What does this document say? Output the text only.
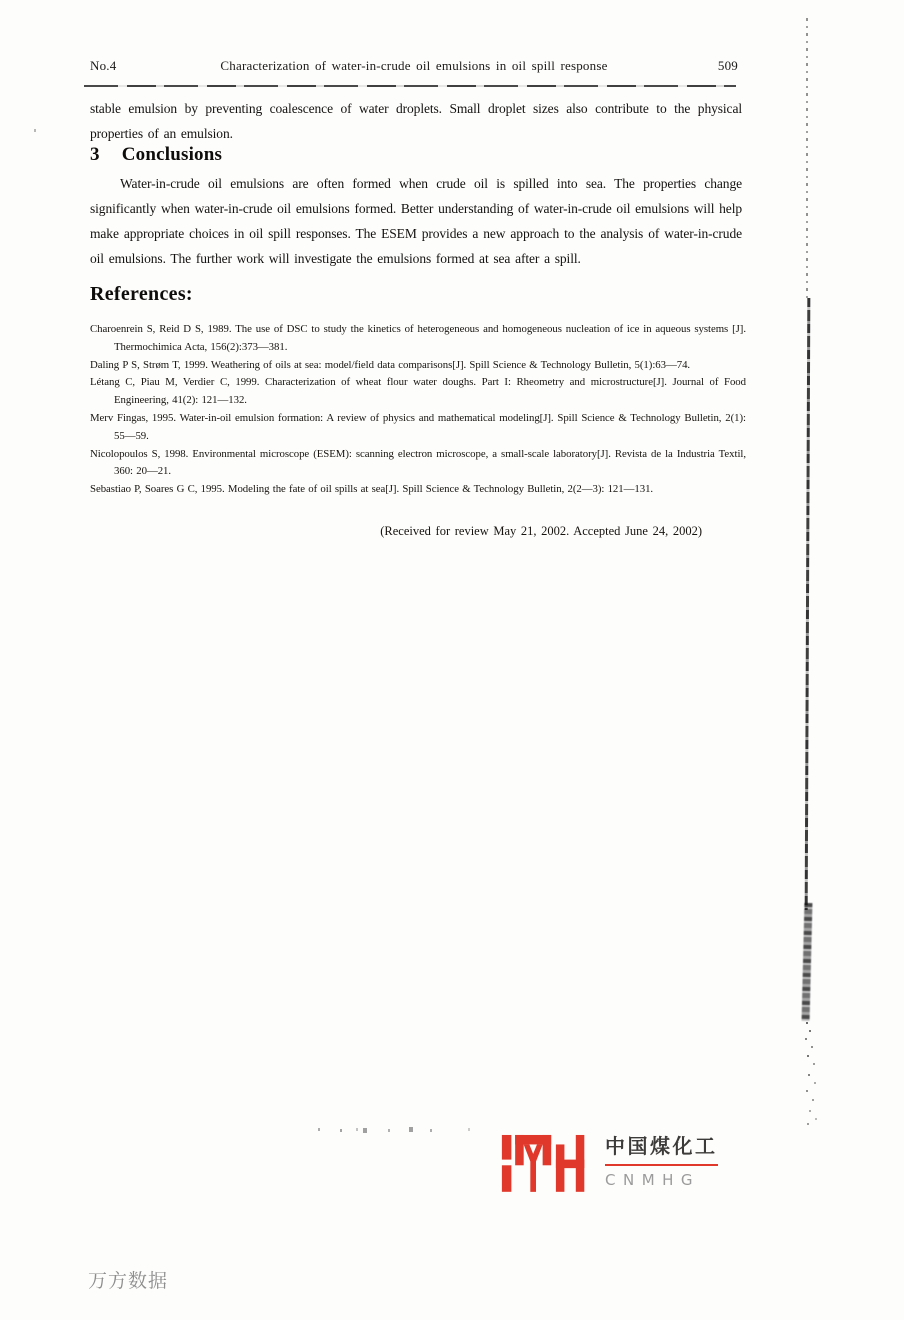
No.4	Characterization of water-in-crude oil emulsions in oil spill response	509

stable emulsion by preventing coalescence of water droplets. Small droplet sizes also contribute to the physical properties of an emulsion.

3 Conclusions

Water-in-crude oil emulsions are often formed when crude oil is spilled into sea. The properties change significantly when water-in-crude oil emulsions formed. Better understanding of water-in-crude oil emulsions will help make appropriate choices in oil spill responses. The ESEM provides a new approach to the analysis of water-in-crude oil emulsions. The further work will investigate the emulsions formed at sea after a spill.

References:

Charoenrein S, Reid D S, 1989. The use of DSC to study the kinetics of heterogeneous and homogeneous nucleation of ice in aqueous systems [J]. Thermochimica Acta, 156(2):373—381.

Daling P S, Strøm T, 1999. Weathering of oils at sea: model/field data comparisons[J]. Spill Science & Technology Bulletin, 5(1):63—74.

Létang C, Piau M, Verdier C, 1999. Characterization of wheat flour water doughs. Part I: Rheometry and microstructure[J]. Journal of Food Engineering, 41(2): 121—132.

Merv Fingas, 1995. Water-in-oil emulsion formation: A review of physics and mathematical modeling[J]. Spill Science & Technology Bulletin, 2(1): 55—59.

Nicolopoulos S, 1998. Environmental microscope (ESEM): scanning electron microscope, a small-scale laboratory[J]. Revista de la Industria Textil, 360: 20—21.

Sebastiao P, Soares G C, 1995. Modeling the fate of oil spills at sea[J]. Spill Science & Technology Bulletin, 2(2—3): 121—131.

(Received for review May 21, 2002. Accepted June 24, 2002)

中国煤化工
CNMHG
万方数据
